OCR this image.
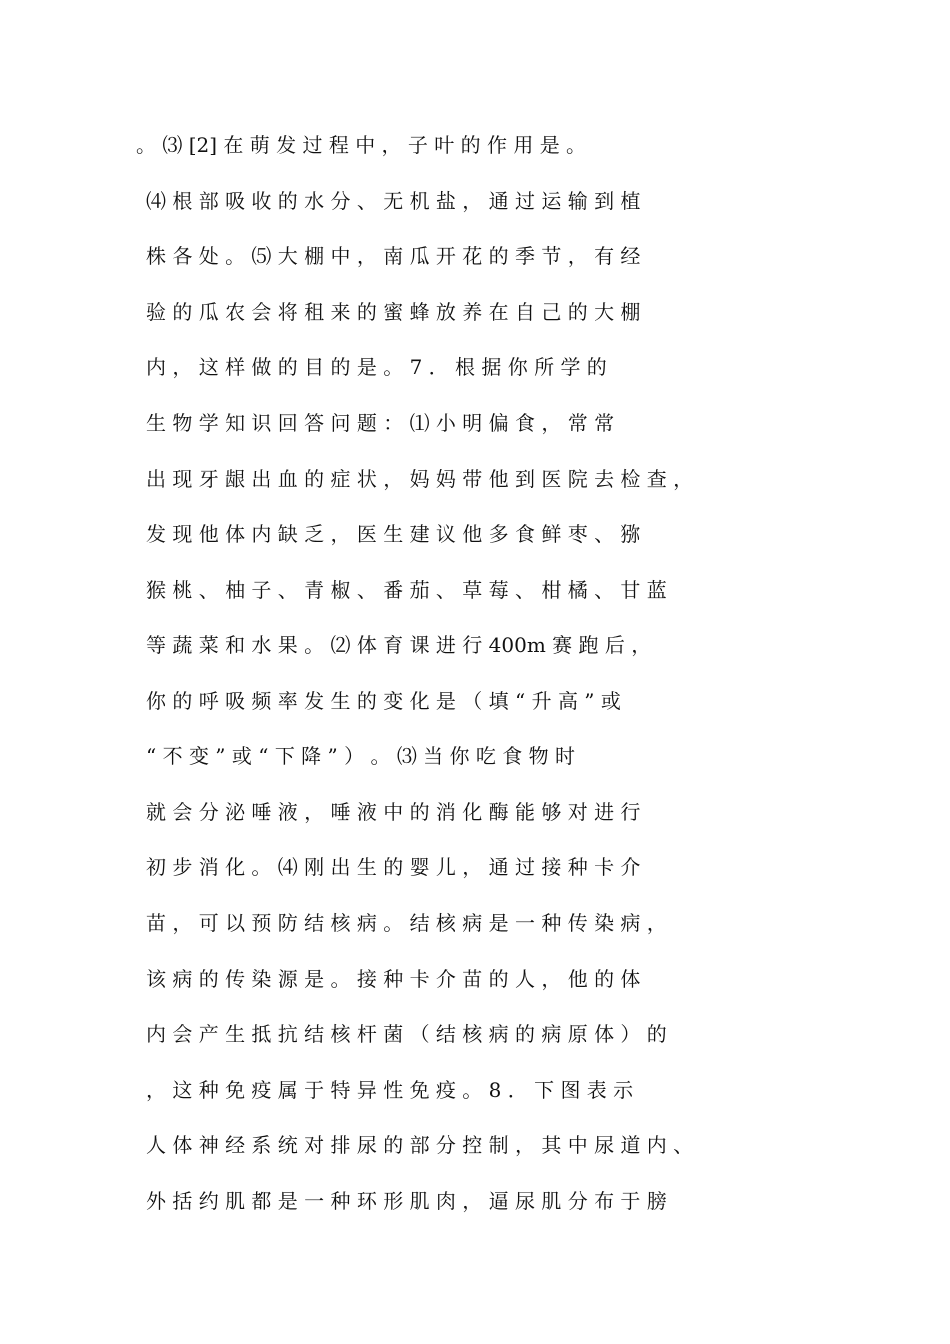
。 ⑶ [2] 在 萌 发 过 程 中 ， 子 叶 的 作 用 是 。

⑷ 根 部 吸 收 的 水 分 、 无 机 盐 ， 通 过 运 输 到 植

株 各 处 。 ⑸ 大 棚 中 ， 南 瓜 开 花 的 季 节 ， 有 经

验 的 瓜 农 会 将 租 来 的 蜜 蜂 放 养 在 自 己 的 大 棚

内 ， 这 样 做 的 目 的 是 。 7 ． 根 据 你 所 学 的

生 物 学 知 识 回 答 问 题 ： ⑴ 小 明 偏 食 ， 常 常

出 现 牙 龈 出 血 的 症 状 ， 妈 妈 带 他 到 医 院 去 检 查 ，

发 现 他 体 内 缺 乏 ， 医 生 建 议 他 多 食 鲜 枣 、 猕

猴 桃 、 柚 子 、 青 椒 、 番 茄 、 草 莓 、 柑 橘 、 甘 蓝

等 蔬 菜 和 水 果 。 ⑵ 体 育 课 进 行 400m 赛 跑 后 ，

你 的 呼 吸 频 率 发 生 的 变 化 是 （ 填 “ 升 高 ” 或

“ 不 变 ” 或 “ 下 降 ” ） 。 ⑶ 当 你 吃 食 物 时

就 会 分 泌 唾 液 ， 唾 液 中 的 消 化 酶 能 够 对 进 行

初 步 消 化 。 ⑷ 刚 出 生 的 婴 儿 ， 通 过 接 种 卡 介

苗 ， 可 以 预 防 结 核 病 。 结 核 病 是 一 种 传 染 病 ，

该 病 的 传 染 源 是 。 接 种 卡 介 苗 的 人 ， 他 的 体

内 会 产 生 抵 抗 结 核 杆 菌 （ 结 核 病 的 病 原 体 ） 的

， 这 种 免 疫 属 于 特 异 性 免 疫 。 8 ． 下 图 表 示

人 体 神 经 系 统 对 排 尿 的 部 分 控 制 ， 其 中 尿 道 内 、

外 括 约 肌 都 是 一 种 环 形 肌 肉 ， 逼 尿 肌 分 布 于 膀
